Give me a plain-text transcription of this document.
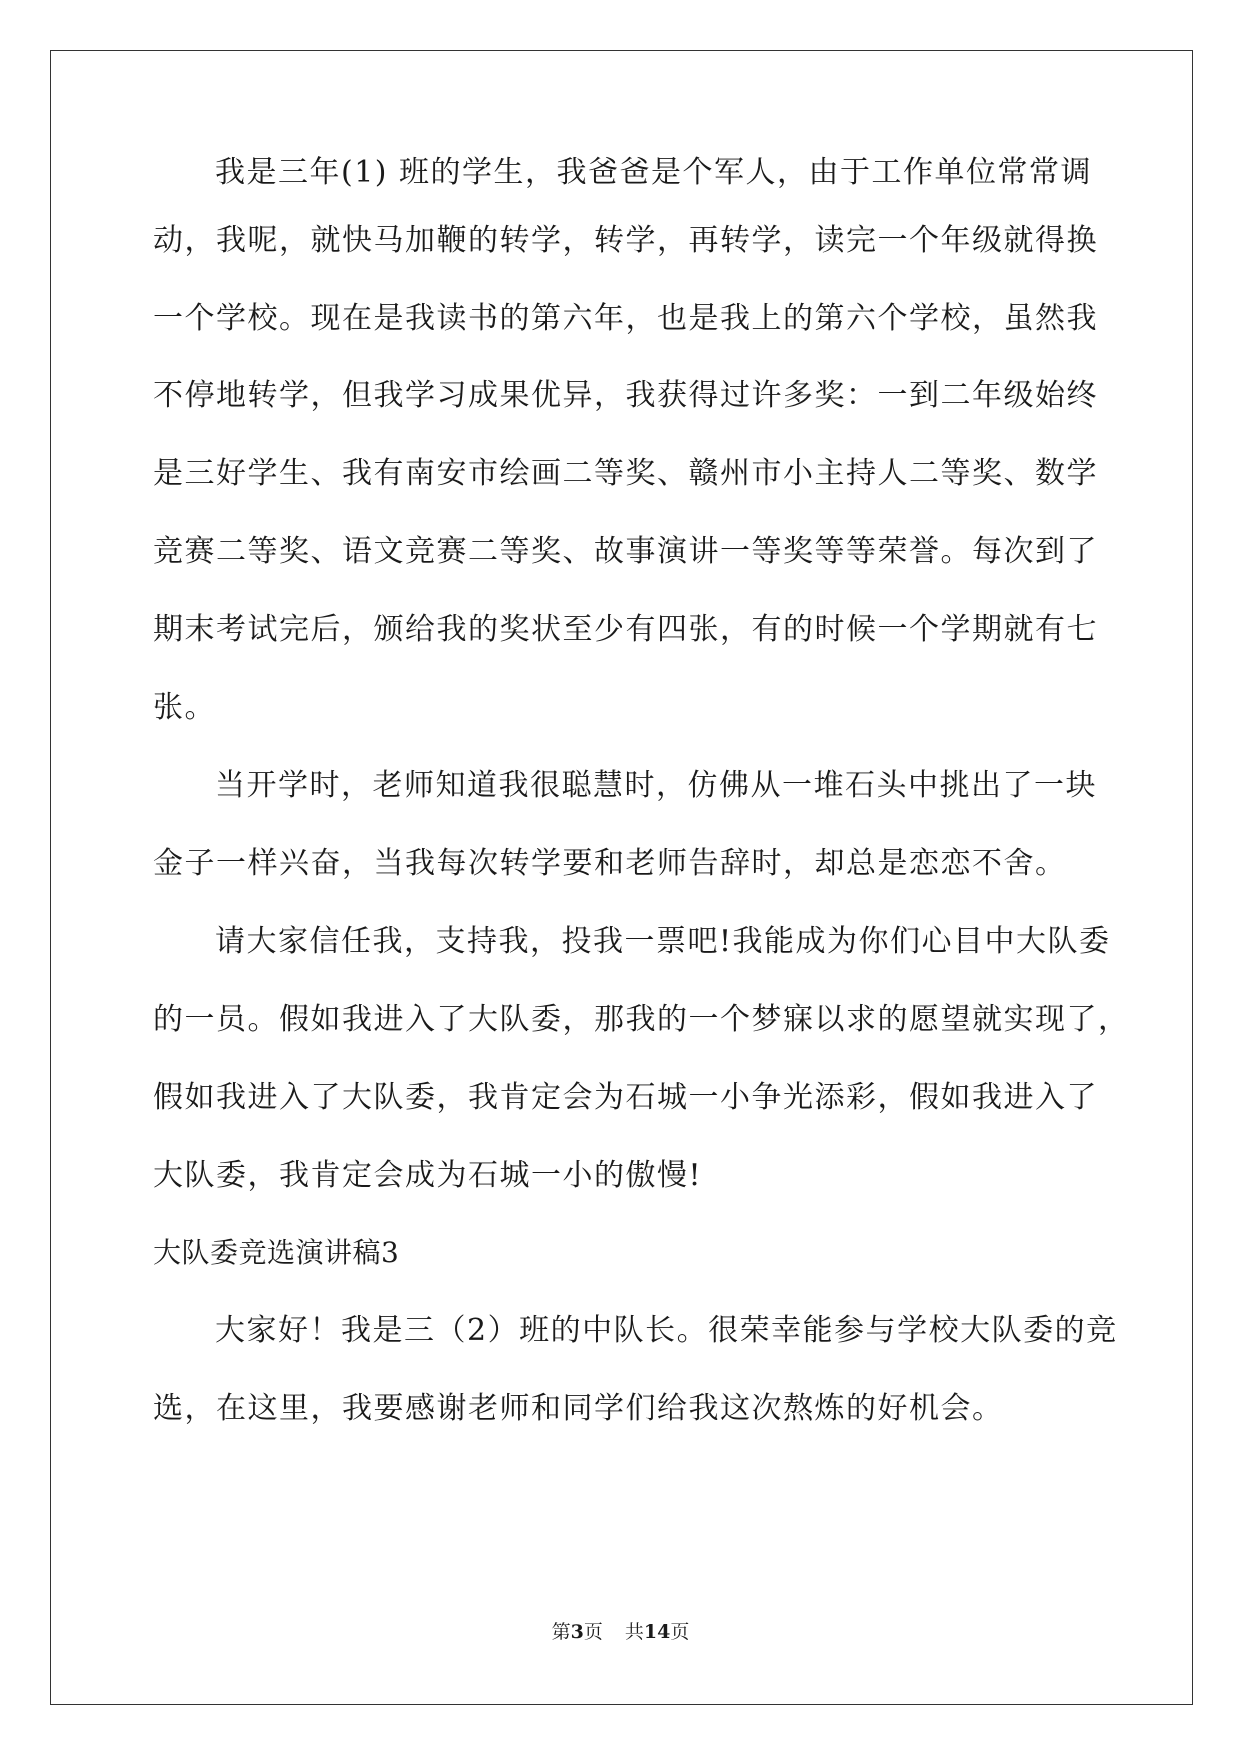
我是三年(1) 班的学生，我爸爸是个军人，由于工作单位常常调

动，我呢，就快马加鞭的转学，转学，再转学，读完一个年级就得换

一个学校。现在是我读书的第六年，也是我上的第六个学校，虽然我

不停地转学，但我学习成果优异，我获得过许多奖：一到二年级始终

是三好学生、我有南安市绘画二等奖、赣州市小主持人二等奖、数学

竞赛二等奖、语文竞赛二等奖、故事演讲一等奖等等荣誉。每次到了

期末考试完后，颁给我的奖状至少有四张，有的时候一个学期就有七

张。

当开学时，老师知道我很聪慧时，仿佛从一堆石头中挑出了一块

金子一样兴奋，当我每次转学要和老师告辞时，却总是恋恋不舍。

请大家信任我，支持我，投我一票吧!我能成为你们心目中大队委

的一员。假如我进入了大队委，那我的一个梦寐以求的愿望就实现了，

假如我进入了大队委，我肯定会为石城一小争光添彩，假如我进入了

大队委，我肯定会成为石城一小的傲慢!

大队委竞选演讲稿3

大家好！我是三（2）班的中队长。很荣幸能参与学校大队委的竞

选，在这里，我要感谢老师和同学们给我这次熬炼的好机会。

第3页 共14页
